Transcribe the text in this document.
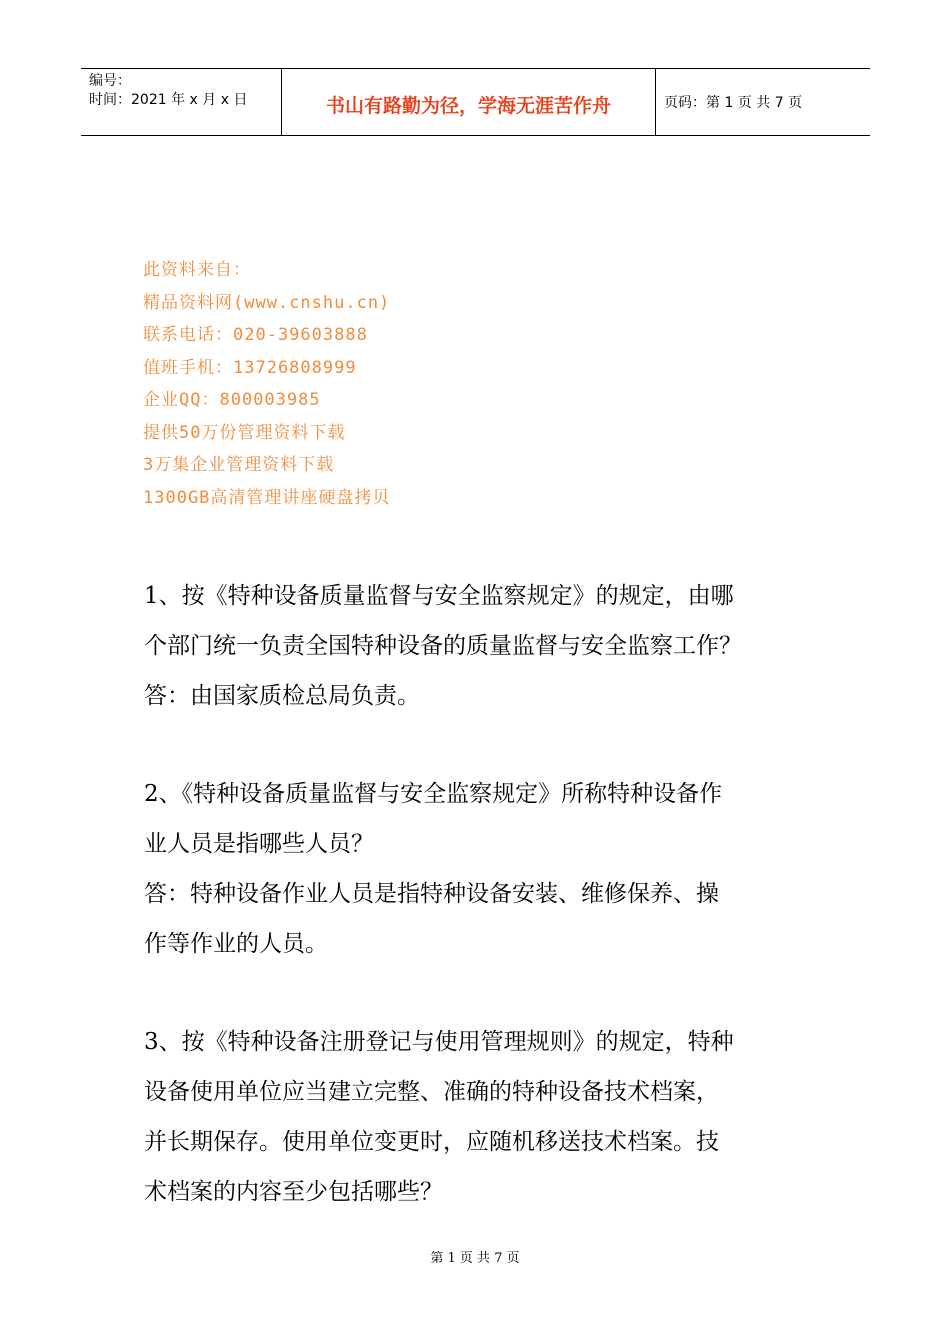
编号：
时间：2021 年 x 月 x 日	书山有路勤为径，学海无涯苦作舟	页码：第 1 页 共 7 页
此资料来自：
精品资料网(www.cnshu.cn)
联系电话：020-39603888
值班手机：13726808999
企业QQ：800003985
提供50万份管理资料下载
3万集企业管理资料下载
1300GB高清管理讲座硬盘拷贝
1、按《特种设备质量监督与安全监察规定》的规定，由哪
个部门统一负责全国特种设备的质量监督与安全监察工作？
答：由国家质检总局负责。
2、《特种设备质量监督与安全监察规定》所称特种设备作
业人员是指哪些人员？
答：特种设备作业人员是指特种设备安装、维修保养、操
作等作业的人员。
3、按《特种设备注册登记与使用管理规则》的规定，特种
设备使用单位应当建立完整、准确的特种设备技术档案，
并长期保存。使用单位变更时，应随机移送技术档案。技
术档案的内容至少包括哪些？
第 1 页 共 7 页
